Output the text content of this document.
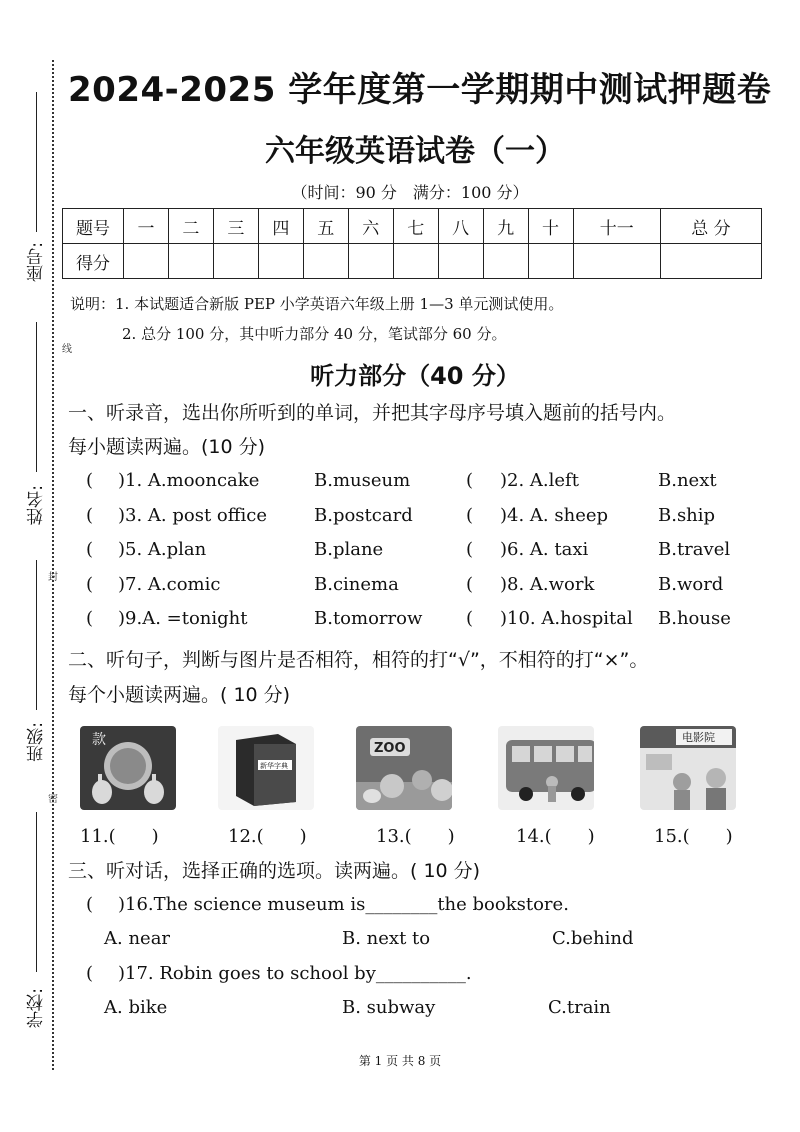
座号:
线
姓名:
封
班级:
密
学校:
2024-2025 学年度第一学期期中测试押题卷
六年级英语试卷（一）
（时间：90 分　满分：100 分）
题号	一	二	三	四	五	六	七	八	九	十	十一	总 分
得分												
说明：1. 本试题适合新版 PEP 小学英语六年级上册 1—3 单元测试使用。
2. 总分 100 分，其中听力部分 40 分，笔试部分 60 分。
听力部分（40 分）
一、听录音，选出你所听到的单词，并把其字母序号填入题前的括号内。
每小题读两遍。(10 分)
( )1. A.mooncake	B.museum	( )2. A.left	B.next
( )3. A. post office	B.postcard	( )4. A. sheep	B.ship
( )5. A.plan	B.plane	( )6. A. taxi	B.travel
( )7. A.comic	B.cinema	( )8. A.work	B.word
( )9.A. =tonight	B.tomorrow ( )10. A.hospital B.house
二、听句子，判断与图片是否相符，相符的打“√”，不相符的打“×”。
每个小题读两遍。( 10 分)
款
新华字典
ZOO
电影院
11.(　　)	12.(　　)	13.(　　)	14.(　　)	15.(　　)
三、听对话，选择正确的选项。读两遍。( 10 分)
( )16.The science museum is________the bookstore.
A. near	B. next to	C.behind
( )17. Robin goes to school by__________.
A. bike	B. subway	C.train
第 1 页 共 8 页
